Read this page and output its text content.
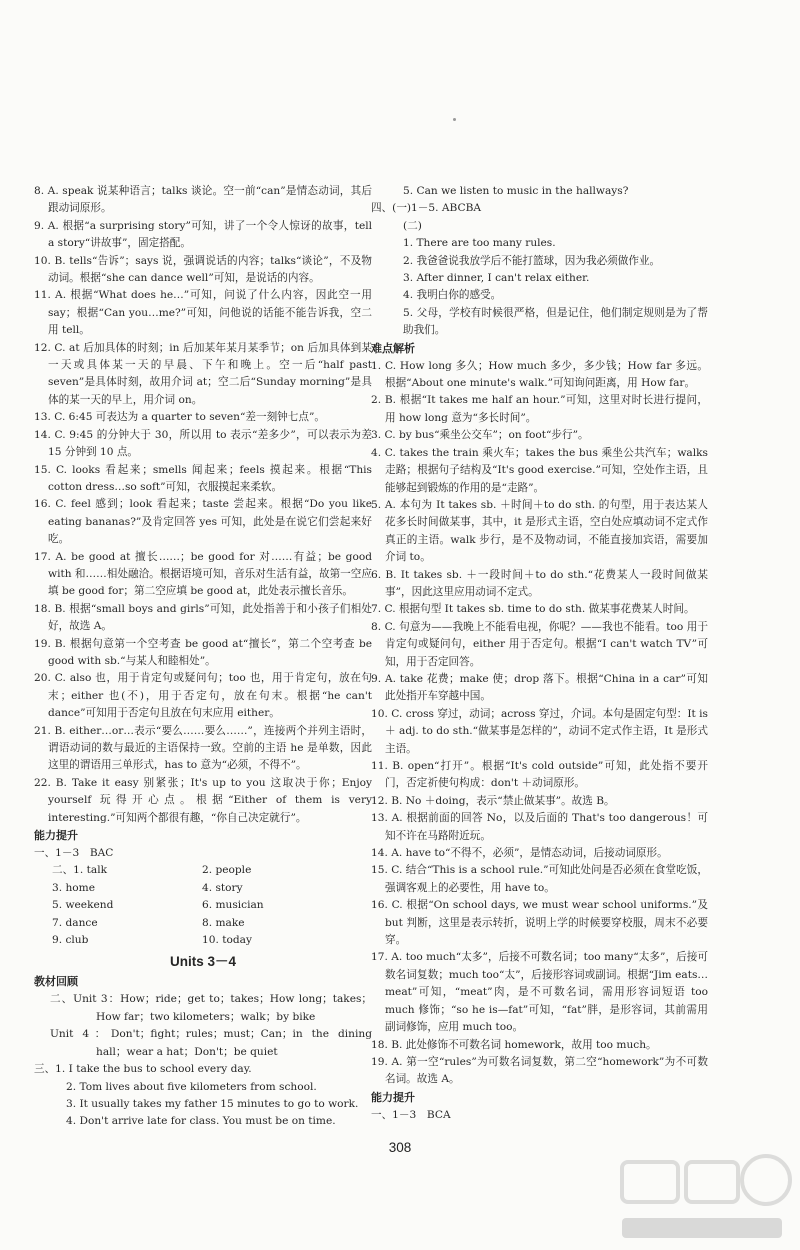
8. A. speak 说某种语言；talks 谈论。空一前“can”是情态动词，其后跟动词原形。

9. A. 根据“a surprising story”可知，讲了一个令人惊讶的故事，tell a story“讲故事”，固定搭配。

10. B. tells“告诉”；says 说，强调说话的内容；talks“谈论”，不及物动词。根据“she can dance well”可知，是说话的内容。

11. A. 根据“What does he…”可知，问说了什么内容，因此空一用 say；根据“Can you…me?”可知，问他说的话能不能告诉我，空二用 tell。

12. C. at 后加具体的时刻；in 后加某年某月某季节；on 后加具体到某一天或具体某一天的早晨、下午和晚上。空一后“half past seven”是具体时刻，故用介词 at；空二后“Sunday morning”是具体的某一天的早上，用介词 on。

13. C. 6:45 可表达为 a quarter to seven“差一刻钟七点”。

14. C. 9:45 的分钟大于 30，所以用 to 表示“差多少”，可以表示为差 15 分钟到 10 点。

15. C. looks 看起来；smells 闻起来；feels 摸起来。根据“This cotton dress…so soft”可知，衣服摸起来柔软。

16. C. feel 感到；look 看起来；taste 尝起来。根据“Do you like eating bananas?”及肯定回答 yes 可知，此处是在说它们尝起来好吃。

17. A. be good at 擅长……；be good for 对……有益；be good with 和……相处融洽。根据语境可知，音乐对生活有益，故第一空应填 be good for；第二空应填 be good at，此处表示擅长音乐。

18. B. 根据“small boys and girls”可知，此处指善于和小孩子们相处好，故选 A。

19. B. 根据句意第一个空考查 be good at“擅长”，第二个空考查 be good with sb.“与某人和睦相处”。

20. C. also 也，用于肯定句或疑问句；too 也，用于肯定句，放在句末；either 也(不)，用于否定句，放在句末。根据“he can't dance”可知用于否定句且放在句末应用 either。

21. B. either…or…表示“要么……要么……”，连接两个并列主语时，谓语动词的数与最近的主语保持一致。空前的主语 he 是单数，因此这里的谓语用三单形式，has to 意为“必须，不得不”。

22. B. Take it easy 别紧张；It's up to you 这取决于你；Enjoy yourself 玩得开心点。根据“Either of them is very interesting.”可知两个都很有趣，“你自己决定就行”。

能力提升

一、1－3　BAC

二、1. talk	2. people

3. home	4. story

5. weekend	6. musician

7. dance	8. make

9. club	10. today

Units 3－4

教材回顾

二、Unit 3：How；ride；get to；takes；How long；takes；How far；two kilometers；walk；by bike

Unit 4：Don't；fight；rules；must；Can；in the dining hall；wear a hat；Don't；be quiet

三、1. I take the bus to school every day.

2. Tom lives about five kilometers from school.

3. It usually takes my father 15 minutes to go to work.

4. Don't arrive late for class. You must be on time.

5. Can we listen to music in the hallways?

四、(一)1－5. ABCBA

(二)

1. There are too many rules.

2. 我爸爸说我放学后不能打篮球，因为我必须做作业。

3. After dinner, I can't relax either.

4. 我明白你的感受。

5. 父母，学校有时候很严格，但是记住，他们制定规则是为了帮助我们。

难点解析

1. C. How long 多久；How much 多少，多少钱；How far 多远。根据“About one minute's walk.”可知询问距离，用 How far。

2. B. 根据“It takes me half an hour.”可知，这里对时长进行提问，用 how long 意为“多长时间”。

3. C. by bus“乘坐公交车”；on foot“步行”。

4. C. takes the train 乘火车；takes the bus 乘坐公共汽车；walks 走路；根据句子结构及“It's good exercise.”可知，空处作主语，且能够起到锻炼的作用的是“走路”。

5. A. 本句为 It takes sb. ＋时间＋to do sth. 的句型，用于表达某人花多长时间做某事，其中，it 是形式主语，空白处应填动词不定式作真正的主语。walk 步行，是不及物动词，不能直接加宾语，需要加介词 to。

6. B. It takes sb. ＋一段时间＋to do sth.“花费某人一段时间做某事”，因此这里应用动词不定式。

7. C. 根据句型 It takes sb. time to do sth. 做某事花费某人时间。

8. C. 句意为——我晚上不能看电视，你呢？——我也不能看。too 用于肯定句或疑问句，either 用于否定句。根据“I can't watch TV”可知，用于否定回答。

9. A. take 花费；make 使；drop 落下。根据“China in a car”可知此处指开车穿越中国。

10. C. cross 穿过，动词；across 穿过，介词。本句是固定句型：It is ＋ adj. to do sth.“做某事是怎样的”，动词不定式作主语，It 是形式主语。

11. B. open“打开”。根据“It's cold outside”可知，此处指不要开门，否定祈使句构成：don't ＋动词原形。

12. B. No ＋doing，表示“禁止做某事”。故选 B。

13. A. 根据前面的回答 No，以及后面的 That's too dangerous！可知不许在马路附近玩。

14. A. have to“不得不，必须”，是情态动词，后接动词原形。

15. C. 结合“This is a school rule.”可知此处问是否必须在食堂吃饭，强调客观上的必要性，用 have to。

16. C. 根据“On school days, we must wear school uniforms.”及 but 判断，这里是表示转折，说明上学的时候要穿校服，周末不必要穿。

17. A. too much“太多”，后接不可数名词；too many“太多”，后接可数名词复数；much too“太”，后接形容词或副词。根据“Jim eats…meat”可知，“meat”肉，是不可数名词，需用形容词短语 too much 修饰；“so he is—fat”可知，“fat”胖，是形容词，其前需用副词修饰，应用 much too。

18. B. 此处修饰不可数名词 homework，故用 too much。

19. A. 第一空“rules”为可数名词复数，第二空“homework”为不可数名词。故选 A。

能力提升

一、1－3　BCA

308
